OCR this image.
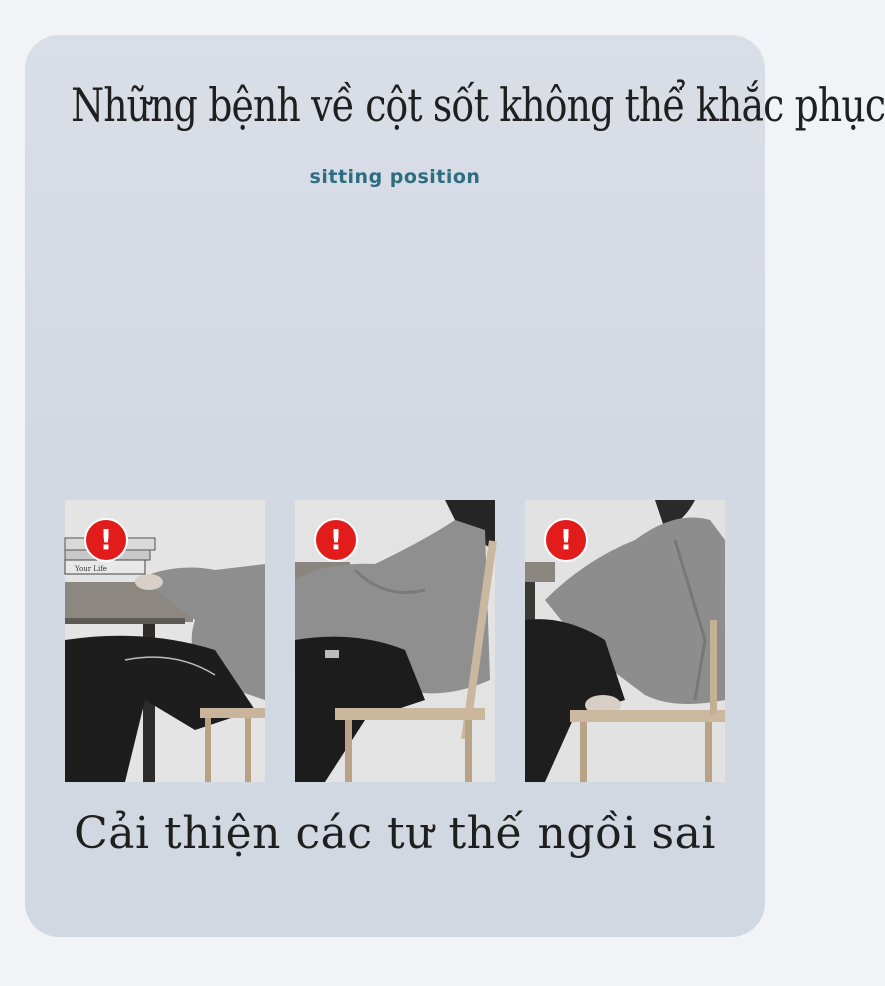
Những bệnh về cột sốt không thể khắc phục
sitting position
Your Life
!	!	!
Cải thiện các tư thế ngồi sai
